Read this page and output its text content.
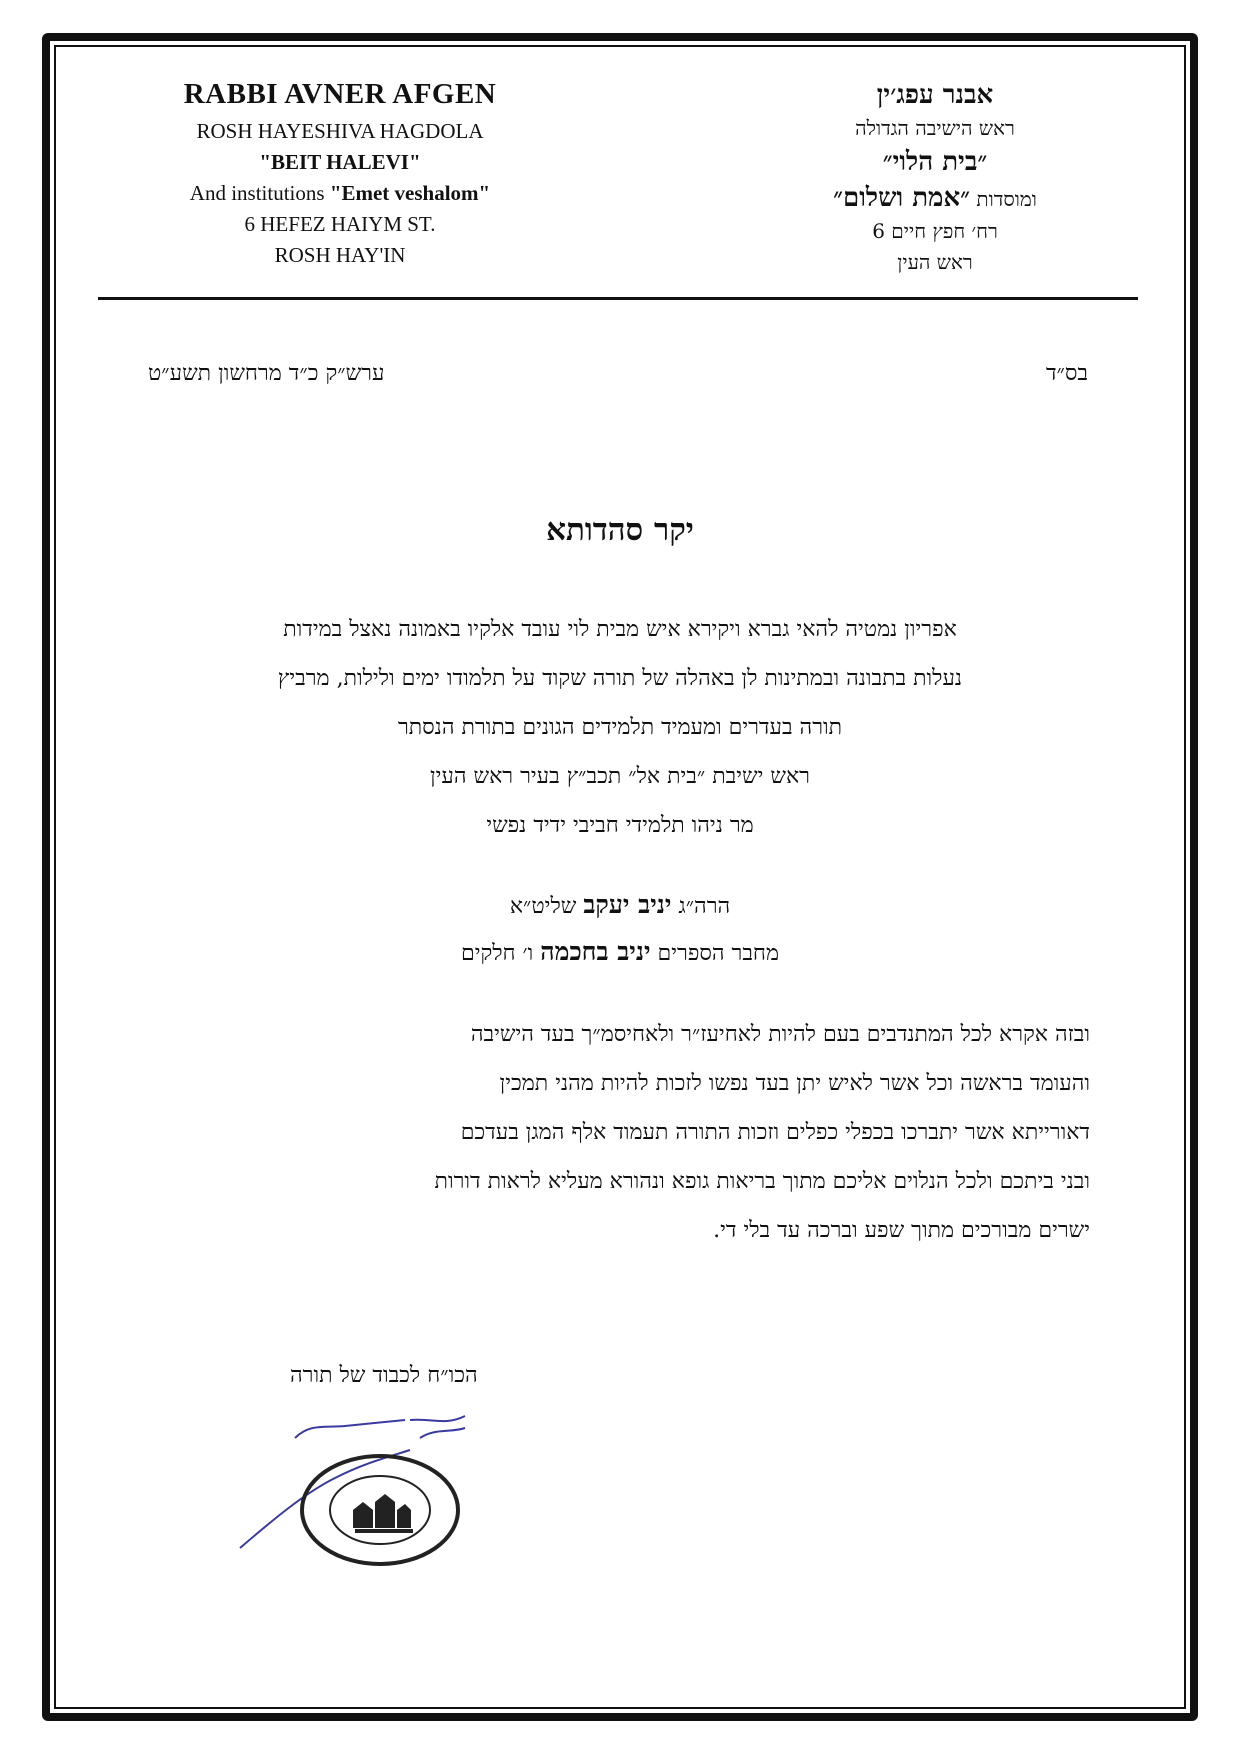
RABBI AVNER AFGEN
ROSH HAYESHIVA HAGDOLA
"BEIT HALEVI"
And institutions "Emet veshalom"
6 HEFEZ HAIYM ST.
ROSH HAY'IN
אבנר עפג׳ין
ראש הישיבה הגדולה
״בית הלוי״
ומוסדות ״אמת ושלום״
רח׳ חפץ חיים 6
ראש העין
בס״ד
ערש״ק כ״ד מרחשון תשע״ט
יקר סהדותא
אפריון נמטיה להאי גברא ויקירא איש מבית לוי עובד אלקיו באמונה נאצל במידות
נעלות בתבונה ובמתינות לן באהלה של תורה שקוד על תלמודו ימים ולילות, מרביץ
תורה בעדרים ומעמיד תלמידים הגונים בתורת הנסתר
ראש ישיבת ״בית אל״ תכב״ץ בעיר ראש העין
מר ניהו תלמידי חביבי ידיד נפשי
הרה״ג יניב יעקב שליט״א
מחבר הספרים יניב בחכמה ו׳ חלקים
ובזה אקרא לכל המתנדבים בעם להיות לאחיעז״ר ולאחיסמ״ך בעד הישיבה
והעומד בראשה וכל אשר לאיש יתן בעד נפשו לזכות להיות מהני תמכין
דאורייתא אשר יתברכו בכפלי כפלים וזכות התורה תעמוד אלף המגן בעדכם
ובני ביתכם ולכל הנלוים אליכם מתוך בריאות גופא ונהורא מעליא לראות דורות
ישרים מבורכים מתוך שפע וברכה עד בלי די.
הכו״ח לכבוד של תורה
